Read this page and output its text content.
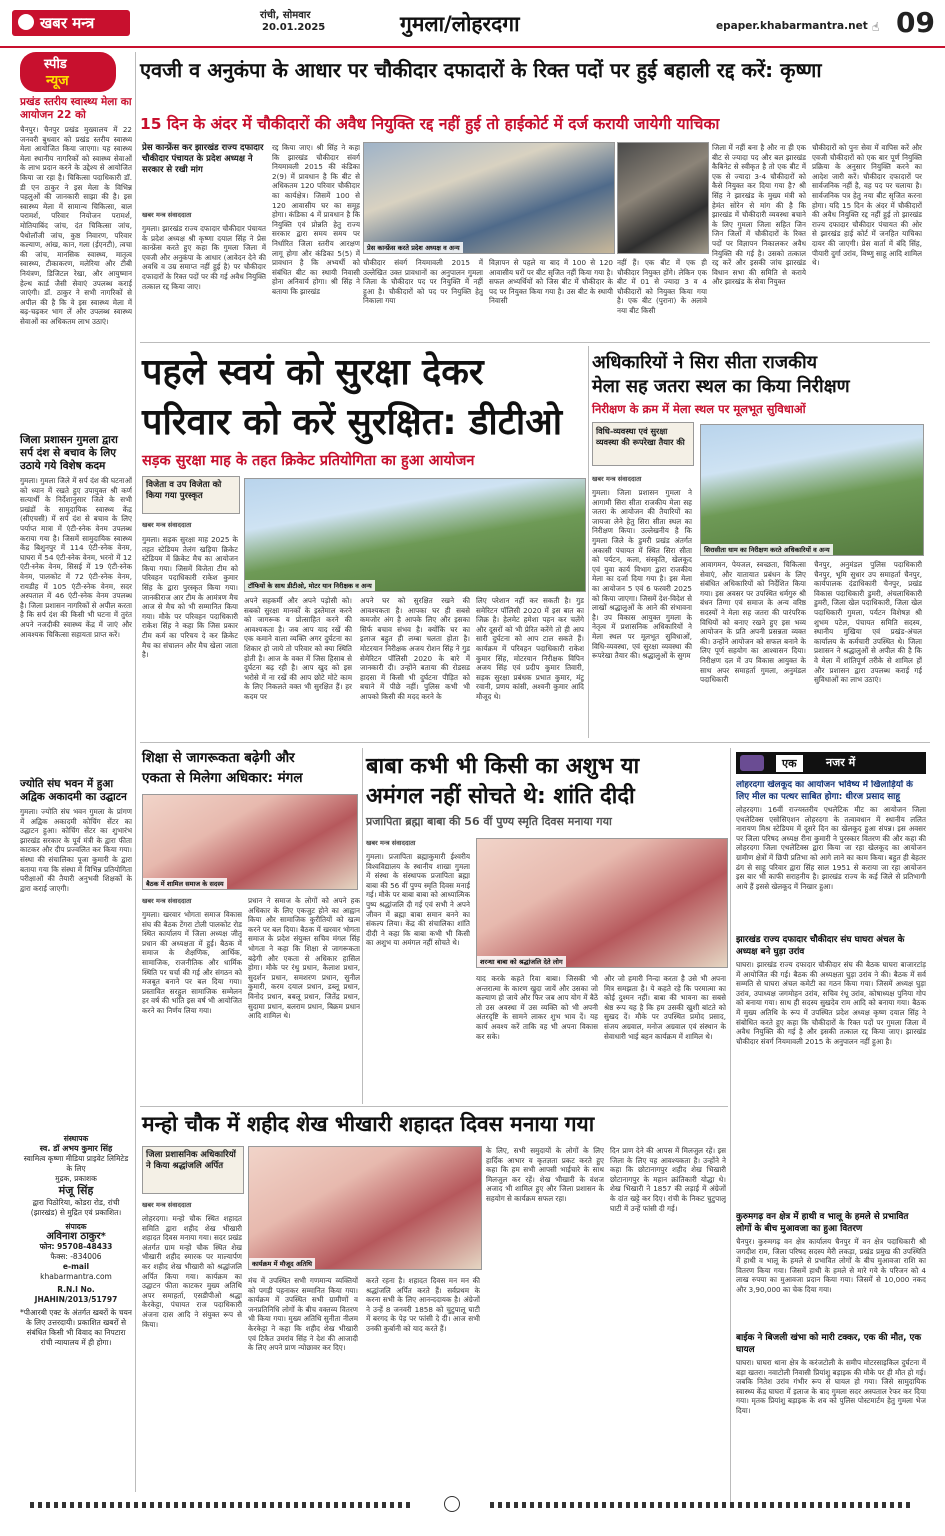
खबर मन्त्र	रांची, सोमवार
20.01.2025	गुमला/लोहरदगा	epaper.khabarmantra.net ☝ 09
स्पीड
न्यूज
प्रखंड स्तरीय स्वास्थ्य मेला का आयोजन 22 को
चैनपुर। चैनपुर प्रखंड मुख्यालय में 22 जनवरी बुधवार को प्रखंड स्तरीय स्वास्थ्य मेला आयोजित किया जाएगा। यह स्वास्थ्य मेला स्थानीय नागरिकों को स्वास्थ्य सेवाओं के लाभ प्रदान करने के उद्देश्य से आयोजित किया जा रहा है। चिकित्सा पदाधिकारी डॉ. डी एन ठाकुर ने इस मेला के विभिन्न पहलुओं की जानकारी साझा की है। इस स्वास्थ्य मेला में सामान्य चिकित्सा, बाल परामर्श, परिवार नियोजन परामर्श, मोतियाबिंद जांच, दंत चिकित्सा जांच, पैथोलॉजी जांच, कुष्ठ निवारण, परिवार कल्याण, आंख, कान, गला (ईएनटी), त्वचा की जांच, मानसिक स्वास्थ्य, मातृत्व स्वास्थ्य, टीकाकरण, मलेरिया और टीबी नियंत्रण, डिजिटल रेखा, और आयुष्मान हेल्थ कार्ड जैसी सेवाएं उपलब्ध कराई जाएंगी। डॉ. ठाकुर ने सभी नागरिकों से अपील की है कि वे इस स्वास्थ्य मेला में बढ़-चढ़कर भाग लें और उपलब्ध स्वास्थ्य सेवाओं का अधिकतम लाभ उठाएं।
जिला प्रशासन गुमला द्वारा सर्प दंश से बचाव के लिए उठाये गये विशेष कदम
गुमला। गुमला जिले में सर्प दंश की घटनाओं को ध्यान में रखते हुए उपायुक्त श्री कर्ण सत्यार्थी के निर्देशानुसार जिले के सभी प्रखंडों के सामुदायिक स्वास्थ्य केंद्र (सीएचसी) में सर्प दंश से बचाव के लिए पर्याप्त मात्रा में एंटी-स्नेक वेनम उपलब्ध कराया गया है। जिसमें सामुदायिक स्वास्थ्य केंद्र बिशुनपुर में 114 एंटी-स्नेक वेनम, घाघरा में 54 एंटी-स्नेक वेनम, भरनो में 12 एंटी-स्नेक वेनम, सिसई में 19 एंटी-स्नेक वेनम, पालकोट में 72 एंटी-स्नेक वेनम, रायडीह में 105 एंटी-स्नेक वेनम, सदर अस्पताल में 46 एंटी-स्नेक वेनम उपलब्ध है। जिला प्रशासन नागरिकों से अपील करता है कि सर्प दंश की किसी भी घटना में तुरंत अपने नजदीकी स्वास्थ्य केंद्र में जाएं और आवश्यक चिकित्सा सहायता प्राप्त करें।
ज्योति संघ भवन में हुआ अद्विक अकादमी का उद्घाटन
गुमला। ज्योति संघ भवन गुमला के प्रांगण में अद्विक अकादमी कोचिंग सेंटर का उद्घाटन हुआ। कोचिंग सेंटर का शुभारंभ झारखंड सरकार के पूर्व मंत्री के द्वारा फीता काटकर और दीप प्रज्वलित कर किया गया। संस्था की संचालिका पूजा कुमारी के द्वारा बताया गया कि संस्था में विभिन्न प्रतियोगिता परीक्षाओं की तैयारी अनुभवी शिक्षकों के द्वारा कराई जाएगी।
संस्थापक
स्व. डॉ अभय कुमार सिंह
स्वामित्व कृष्णा मीडिया प्राइवेट लिमिटेड के लिए
मुद्रक, प्रकाशक
मंजू सिंह
द्वारा पिठोरिया, कोडरा रोड, रांची (झारखंड) से मुद्रित एवं प्रकाशित।
संपादक
अविनाश ठाकुर*
फोन: 95708-48433
फैक्स: -834006
e-mail
khabarmantra.com
R.N.I No.
JHAHIN/2013/51797
*पीआरबी एक्ट के अंतर्गत खबरों के चयन के लिए उत्तरदायी। प्रकाशित खबरों से संबंधित किसी भी विवाद का निपटारा रांची न्यायालय में ही होगा।
एवजी व अनुकंपा के आधार पर चौकीदार दफादारों के रिक्त पदों पर हुई बहाली रद्द करें: कृष्णा
15 दिन के अंदर में चौकीदारों की अवैध नियुक्ति रद्द नहीं हुई तो हाईकोर्ट में दर्ज करायी जायेगी याचिका
प्रेस कान्फ्रेंस कर झारखंड राज्य दफादार चौकीदार पंचायत के प्रदेश अध्यक्ष ने सरकार से रखी मांग
खबर मन्त्र संवाददाता
गुमला। झारखंड राज्य दफादार चौकीदार पंचायत के प्रदेश अध्यक्ष श्री कृष्णा दयाल सिंह ने प्रेस कान्फ्रेंस करते हुए कहा कि गुमला जिला में एवजी और अनुकंपा के आधार (आवेदन देने की अवधि व उम्र समाप्त नहीं हुई है) पर चौकीदार दफादारों के रिक्त पदों पर की गई अवैध नियुक्ति तत्काल रद्द किया जाए।
रद्द किया जाए। श्री सिंह ने कहा कि झारखंड चौकीदार संवर्ग नियमावली 2015 की कंडिका 2(9) में प्रावधान है कि बीट से अधिकतम 120 परिवार चौकीदार का कार्यक्षेत्र। जिसमें 100 से 120 आवासीय घर का समूह होगा। कंडिका 4 में प्रावधान है कि नियुक्ति एवं प्रोन्नति हेतु राज्य सरकार द्वारा समय समय पर निर्धारित जिला स्तरीय आरक्षण लागू होगा और कंडिका 5(5) में प्रावधान है कि अभ्यर्थी को संबंधित बीट का स्थायी निवासी होना अनिवार्य होगा। श्री सिंह ने बताया कि झारखंड
प्रेस कान्फ्रेंस करते प्रदेश अध्यक्ष व अन्य
चौकीदार संवर्ग नियमावली 2015 में उल्लेखित उक्त प्रावधानों का अनुपालन गुमला जिला के चौकीदार पद पर नियुक्ति में नहीं हुआ है। चौकीदारों को पद पर नियुक्ति हेतु निकाला गया
विज्ञापन से पहले या बाद में 100 से 120 आवासीय घरों पर बीट सृजित नहीं किया गया है। सफल अभ्यर्थियों को जिस बीट में चौकीदार के पद पर नियुक्त किया गया है। उस बीट के स्थायी निवासी
नहीं हैं। एक बीट में एक ही चौकीदार नियुक्त होंगे। लेकिन एक बीट में 01 से ज्यादा 3 व 4 चौकीदारों को नियुक्त किया गया है। एक बीट (पुराना) के अलावे नया बीट किसी
जिला में नहीं बना है और ना ही एक बीट से ज्यादा पद और बल झारखंड कैबिनेट से स्वीकृत है तो एक बीट में एक से ज्यादा 3-4 चौकीदारों को कैसे नियुक्त कर दिया गया है? श्री सिंह ने झारखंड के मुख्य मंत्री को हेमंत सोरेन से मांग की है कि झारखंड में चौकीदारी व्यवस्था बचाने के लिए गुमला जिला सहित जिन जिन जिलों में चौकीदारों के रिक्त पदों पर विज्ञापन निकालकर अवैध नियुक्ति की गई है। उसको तत्काल रद्द करें और इसकी जांच झारखंड विधान सभा की समिति से कराये और झारखंड के सेवा नियुक्त
चौकीदारों को पुनः सेवा में वापिस करें और एवजी चौकीदारों को एक बार पूर्ण नियुक्ति प्रक्रिया के अनुसार नियुक्ति करने का आदेश जारी करें। चौकीदार दफादारों पर सार्वजनिक नहीं है, वह पद पर चलाया है। सार्वजनिक पत्र हेतु नया बीट सृजित करना होगा। यदि 15 दिन के अंदर में चौकीदारों की अवैध नियुक्ति रद्द नहीं हुई तो झारखंड राज्य दफादार चौकीदार पंचायत की ओर से झारखंड हाई कोर्ट में जनहित याचिका दायर की जाएगी। प्रेस वार्ता में बंदि सिंह, पीयारी दुर्गा उरांव, विष्णु साहू आदि शामिल थे।
पहले स्वयं को सुरक्षा देकर
परिवार को करें सुरक्षित: डीटीओ
सड़क सुरक्षा माह के तहत क्रिकेट प्रतियोगिता का हुआ आयोजन
विजेता व उप विजेता को किया गया पुरस्कृत
खबर मन्त्र संवाददाता
गुमला। सड़क सुरक्षा माह 2025 के तहत स्टेडियम तेलंग खड़िया क्रिकेट स्टेडियम में क्रिकेट मैच का आयोजन किया गया। जिसमें विजेता टीम को परिवहन पदाधिकारी राकेश कुमार सिंह के द्वारा पुरस्कृत किया गया। जानकीराज आर टीम के आमंत्रण मैच आज से मैच को भी सम्मानित किया गया। मौके पर परिवहन पदाधिकारी राकेश सिंह ने कहा कि जिस प्रकार टीम कर्म का परिचय दे कर क्रिकेट मैच का संचालन और मैच खेला जाता है।
टॉफियों के साथ डीटीओ, मोटर यान निरीक्षक व अन्य
अपने सहकर्मी और अपने पड़ोसी को। सबको सुरक्षा मानकों के इस्तेमाल करने को जागरूक व प्रोत्साहित करने की आवश्यकता है। जब आप याद रखें की एक कमाने वाला व्यक्ति अगर दुर्घटना का शिकार हो जाये तो परिवार को क्या स्थिति होती है। आज के वक्त में जिस हिसाब से दुर्घटना बढ़ रही है। आप खुद को इस भरोसे में ना रखें की आप छोटे मोटे काम के लिए निकलते वक्त भी सुरक्षित हैं। हर कदम पर
अपने घर को सुरक्षित रखने की आवश्यकता है। आपका घर ही सबसे कमजोर अंग है आपके लिए और इसका सिर्फ बचाव संभव है। क्योंकि घर का इलाज बहुत ही लम्बा चलता होता है। मोटरयान निरीक्षक अजय रोशन सिंह ने गुड सेमेरिटन पॉलिसी 2020 के बारे में जानकारी दी। उन्होंने बताया की रोडसड हादसा में किसी भी दुर्घटना पीड़ित को बचाने में पीछे नहीं। पुलिस कभी भी आपको किसी की मदद करने के
लिए परेशान नहीं कर सकती है। गुड समेरिटन पॉलिसी 2020 में इस बात का जिक्र है। हेलमेट हमेशा पहन कर चलेंगे और दूसरों को भी प्रेरित करेंगे तो ही आप सारी दुर्घटना को आप टाल सकते हैं। कार्यक्रम में परिवहन पदाधिकारी राकेश कुमार सिंह, मोटरयान निरीक्षक विपिन अजय सिंह एवं प्रदीप कुमार तिवारी, सड़क सुरक्षा प्रबंधक प्रभात कुमार, मंटू रवानी, प्रणय कांसी, अश्वनी कुमार आदि मौजूद थे।
अधिकारियों ने सिरा सीता राजकीय
मेला सह जतरा स्थल का किया निरीक्षण
निरीक्षण के क्रम में मेला स्थल पर मूलभूत सुविधाओं
विधि-व्यवस्था एवं सुरक्षा व्यवस्था की रूपरेखा तैयार की
खबर मन्त्र संवाददाता
गुमला। जिला प्रशासन गुमला ने आगामी सिरा सीता राजकीय मेला सह जतरा के आयोजन की तैयारियों का जायजा लेने हेतु सिरा सीता स्थल का निरीक्षण किया। उल्लेखनीय है कि गुमला जिले के डुमरी प्रखंड अंतर्गत अकासी पंचायत में स्थित सिरा सीता को पर्यटन, कला, संस्कृति, खेलकूद एवं युवा कार्य विभाग द्वारा राजकीय मेला का दर्जा दिया गया है। इस मेला का आयोजन 5 एवं 6 फरवरी 2025 को किया जाएगा। जिसमें देश-विदेश से लाखों श्रद्धालुओं के आने की संभावना है। उप विकास आयुक्त गुमला के नेतृत्व में प्रशासनिक अधिकारियों ने मेला स्थल पर मूलभूत सुविधाओं, विधि-व्यवस्था, एवं सुरक्षा व्यवस्था की रूपरेखा तैयार की। श्रद्धालुओं के सुगम
सिरासीता धाम का निरीक्षण करते अधिकारियों व अन्य
आवागमन, पेयजल, स्वच्छता, चिकित्सा सेवाएं, और यातायात प्रबंधन के लिए संबंधित अधिकारियों को निर्देशित किया गया। इस अवसर पर उपस्थित धर्मगुरु श्री बंधन तिग्गा एवं समाज के अन्य वरिष्ठ सदस्यों ने मेला सह जतरा की पारंपरिक विधियों को बनाए रखने हुए इस भव्य आयोजन के प्रति अपनी प्रसन्नता व्यक्त की। उन्होंने आयोजन को सफल बनाने के लिए पूर्ण सहयोग का आश्वासन दिया। निरीक्षण दल में उप विकास आयुक्त के साथ अपर समाहर्ता गुमला, अनुमंडल पदाधिकारी
चैनपुर, अनुमंडल पुलिस पदाधिकारी चैनपुर, भूमि सुधार उप समाहर्ता चैनपुर, कार्यपालक दंडाधिकारी चैनपुर, प्रखंड विकास पदाधिकारी डुमरी, अंचलाधिकारी डुमरी, जिला खेल पदाधिकारी, जिला खेल पदाधिकारी गुमला, पर्यटन विशेषज्ञ श्री शुभम पटेल, पंचायत समिति सदस्य, स्थानीय मुखिया एवं प्रखंड-अंचल कार्यालय के कर्मचारी उपस्थित थे। जिला प्रशासन ने श्रद्धालुओं से अपील की है कि वे मेला में शांतिपूर्ण तरीके से शामिल हों और प्रशासन द्वारा उपलब्ध कराई गई सुविधाओं का लाभ उठाएं।
शिक्षा से जागरूकता बढ़ेगी और
एकता से मिलेगा अधिकार: मंगल
बैठक में शामिल समाज के सदस्य
खबर मन्त्र संवाददाता
गुमला। खरवार भोगता समाज विकास संघ की बैठक टेंगरा टोली पालकोट रोड स्थित कार्यालय में जिला अध्यक्ष जीतू प्रधान की अध्यक्षता में हुई। बैठक में समाज के शैक्षणिक, आर्थिक, सामाजिक, राजनीतिक और धार्मिक स्थिति पर चर्चा की गई और संगठन को मजबूत बनाने पर बल दिया गया। प्रस्तावित सरहुल सामाजिक सम्मेलन हर वर्ष की भांति इस वर्ष भी आयोजित करने का निर्णय लिया गया।
प्रधान ने समाज के लोगों को अपने हक अधिकार के लिए एकजुट होने का आह्वान किया और सामाजिक कुरीतियों को खत्म करने पर बल दिया। बैठक में खरवार भोगता समाज के प्रदेश संयुक्त सचिव मंगल सिंह भोगता ने कहा कि शिक्षा से जागरूकता बढ़ेगी और एकता से अधिकार हासिल होगा। मौके पर रंथु प्रधान, कैलाश प्रधान, सुदर्शन प्रधान, समशरण प्रधान, सुनील कुमारी, करम दयाल प्रधान, डब्लू प्रधान, विनोद प्रधान, बबलू प्रधान, जितेंद्र प्रधान, सुदामा प्रधान, बलराम प्रधान, बिक्रम प्रधान आदि शामिल थे।
बाबा कभी भी किसी का अशुभ या
अमंगल नहीं सोचते थे: शांति दीदी
प्रजापिता ब्रह्मा बाबा की 56 वीं पुण्य स्मृति दिवस मनाया गया
खबर मन्त्र संवाददाता
गुमला। प्रजापिता ब्रह्माकुमारी ईश्वरीय विश्वविद्यालय के स्थानीय शाखा गुमला में संस्था के संस्थापक प्रजापिता ब्रह्मा बाबा की 56 वीं पुण्य स्मृति दिवस मनाई गई। मौके पर बाबा बाबा को आध्यात्मिक पुष्प श्रद्धांजलि दी गई एवं सभी ने अपने जीवन में ब्रह्मा बाबा समान बनने का संकल्प लिया। केंद्र की संचालिका शांति दीदी ने कहा कि बाबा कभी भी किसी का अशुभ या अमंगल नहीं सोचते थे।
शरन्धा बाबा को श्रद्धांजलि देते लोग
याद करके कहते रिवा बाबा। जिसकी भी अन्तरात्मा के कारण खुदा जायें और उसका जो कल्याण हो जाये और फिर जब आप योग में बैठें तो उस अवस्था में उस व्यक्ति को भी अपनी अंतरदृष्टि के सामने लाकर शुभ भाव दें। यह कार्य अवश्य करें ताकि वह भी अपना विकास कर सके।
और जो हमारी निन्दा करता है उसे भी अपना मित्र समझता है। ये कहते रहे कि परमात्मा का कोई दुश्मन नहीं। बाबा की भावना का सबसे श्रेष्ठ रूप यह है कि हम उसकी खुशी बांटते को सुखद दें। मौके पर उपस्थित प्रमोद प्रसाद, संजय अग्रवाल, मनोज अग्रवाल एवं संस्थान के सेवाधारी भाई बहन कार्यक्रम में शामिल थे।
एक	नजर में
लोहरदगा खेलकूद का आयोजन भविष्य में खिलाड़ियों के लिए मील का पत्थर साबित होगा: धीरज प्रसाद साहू
लोहरदगा। 16वीं राज्यस्तरीय एथलेटिक मीट का आयोजन जिला एथलेटिक्स एसोसिएशन लोहरदगा के तत्वावधान में स्थानीय ललित नारायण मिश्र स्टेडियम में दूसरे दिन का खेलकूद हुआ संपन्न। इस अवसर पर जिला परिषद अध्यक्ष रीना कुमारी ने पुरस्कार वितरण की और कहा की लोहरदगा जिला एथलेटिक्स द्वारा किया जा रहा खेलकूद का आयोजन ग्रामीण क्षेत्रों में छिपी प्रतिभा को आगे लाने का काम किया। बहुत ही बेहतर ढंग से साहू परिवार द्वारा सिंह साल 1951 से कराया जा रहा आयोजन इस बार भी काफी सराहनीय है। झारखंड राज्य के कई जिले से प्रतिभागी आये हैं इससे खेलकूद में निखार हुआ।
झारखंड राज्य दफादार चौकीदार संघ घाघरा अंचल के अध्यक्ष बने घुड़ा उरांव
घाघरा। झारखंड राज्य दफादार चौकीदार संघ की बैठक घाघरा बाजारटांड़ में आयोजित की गई। बैठक की अध्यक्षता घुड़ा उरांव ने की। बैठक में सर्व सम्मति से घाघरा अंचल कमेटी का गठन किया गया। जिसमें अध्यक्ष घुड़ा उरांव, उपाध्यक्ष जगमोहन उरांव, सचिव रंथू उरांव, कोषाध्यक्ष पुनिया गोप को बनाया गया। साथ ही सदस्य सुखदेव राम आदि को बनाया गया। बैठक में मुख्य अतिथि के रूप में उपस्थित प्रदेश अध्यक्ष कृष्ण दयाल सिंह ने संबोधित करते हुए कहा कि चौकीदारों के रिक्त पदों पर गुमला जिला में अवैध नियुक्ति की गई है और इसकी तत्काल रद्द किया जाए। झारखंड चौकीदार संवर्ग नियमावली 2015 के अनुपालन नहीं हुआ है।
कुरुमगढ़ वन क्षेत्र में हाथी व भालू के हमले से प्रभावित लोगों के बीच मुआवजा का हुआ वितरण
चैनपुर। कुरुमगढ़ वन क्षेत्र कार्यालय चैनपुर में वन क्षेत्र पदाधिकारी श्री जगदीश राम, जिला परिषद सदस्य मेरी लकड़ा, प्रखंड प्रमुख की उपस्थिति में हाथी व भालू के हमले से प्रभावित लोगों के बीच मुआवजा राशि का वितरण किया गया। जिसमें हाथी के हमले से मारे गये के परिजन को 4 लाख रुपया का मुआवजा प्रदान किया गया। जिसमें से 10,000 नकद और 3,90,000 का चेक दिया गया।
बाईक ने बिजली खंभा को मारी टक्कर, एक की मौत, एक घायल
घाघरा। घाघरा थाना क्षेत्र के करंजटोली के समीप मोटरसाइकिल दुर्घटना में बड़ा खतरा। नवाटोली निवासी प्रियांशु बड़ाइक की मौके पर ही मौत हो गई। जबकि नितेश उरांव गंभीर रूप से घायल हो गया। जिसे सामुदायिक स्वास्थ्य केंद्र घाघरा में इलाज के बाद गुमला सदर अस्पताल रेफर कर दिया गया। मृतक प्रियांशु बड़ाइक के शव को पुलिस पोस्टमार्टम हेतु गुमला भेज दिया।
मन्हो चौक में शहीद शेख भीखारी शहादत दिवस मनाया गया
जिला प्रशासनिक अधिकारियों ने किया श्रद्धांजलि अर्पित
खबर मन्त्र संवाददाता
लोहरदगा। मन्हो चौक स्थित शहादत समिति द्वारा शहीद शेख भीखारी शहादत दिवस मनाया गया। सदर प्रखंड अंतर्गत ग्राम मन्हो चौक स्थित शेख भीखारी शहीद स्मारक पर माल्यार्पण कर शहीद शेख भीखारी को श्रद्धांजलि अर्पित किया गया। कार्यक्रम का उद्घाटन फीता काटकर मुख्य अतिथि अपर समाहर्ता, एसडीपीओ श्रद्धा केरकेट्टा, पंचायत राज पदाधिकारी अंजना दास आदि ने संयुक्त रूप से किया।
कार्यक्रम में मौजूद अतिथि
मंच में उपस्थित सभी गणमान्य व्यक्तियों को पगड़ी पहनाकर सम्मानित किया गया। कार्यक्रम में उपस्थित सभी ग्रामीणों व जनप्रतिनिधि लोगों के बीच वक्तव्य वितरण भी किया गया। मुख्य अतिथि सुनीता नीलम केरकेट्टा ने कहा कि शहीद शेख भीखारी एवं टिकैत उमरांव सिंह ने देश की आजादी के लिए अपने प्राण न्योछावर कर दिए।
करते रहना है। शहादत दिवस मन मन की श्रद्धांजलि अर्पित करते हैं। सर्वप्रथम के करना सभी के लिए आनन्ददायक है। अंग्रेजों ने उन्हें 8 जनवरी 1858 को चुटुपालू घाटी में बरगद के पेड़ पर फांसी दे दी। आज सभी उनकी कुर्बानी को याद करते हैं।
के लिए, सभी समुदायों के लोगों के लिए हार्दिक आभार व कृतज्ञता प्रकट करते हुए कहा कि हम सभी आपसी भाईचारे के साथ मिलजुल कर रहें। शेख भीखारी के वंशज अजाद भी शामिल हुए और जिला प्रशासन के सहयोग से कार्यक्रम सफल रहा।
दिन प्राण देने की आपस में मिलजुल रहें। इस जिला के लिए यह आवश्यकता है। उन्होंने ने कहा कि छोटानागपुर शहीद शेख भिखारी छोटानागपुर के महान क्रांतिकारी योद्धा थे। शेख भिखारी ने 1857 की लड़ाई में अंग्रेजों के दांत खट्टे कर दिए। रांची के निकट चुटुपालू घाटी में उन्हें फांसी दी गई।
